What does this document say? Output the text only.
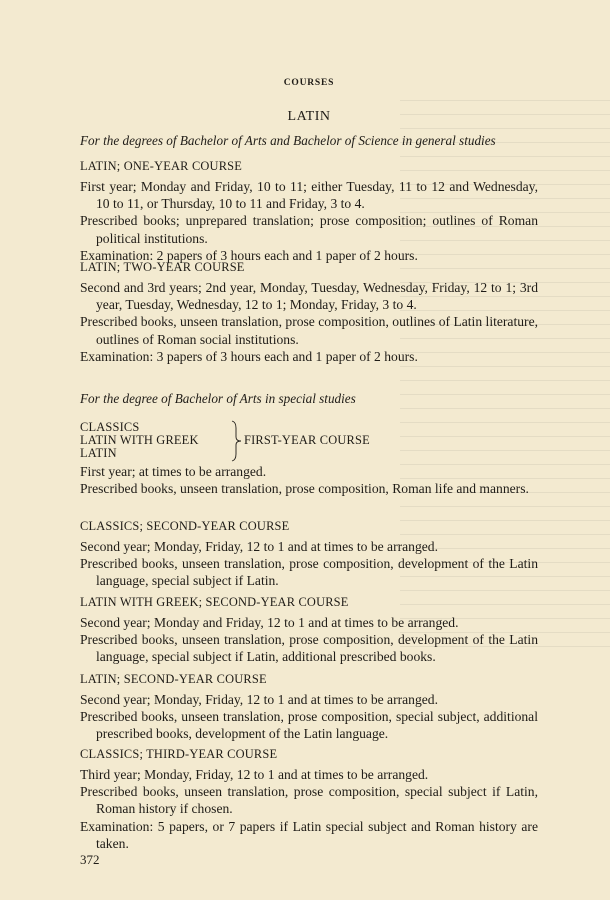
COURSES
LATIN
For the degrees of Bachelor of Arts and Bachelor of Science in general studies
LATIN; ONE-YEAR COURSE

First year; Monday and Friday, 10 to 11; either Tuesday, 11 to 12 and Wednesday, 10 to 11, or Thursday, 10 to 11 and Friday, 3 to 4.

Prescribed books; unprepared translation; prose composition; outlines of Roman political institutions.

Examination: 2 papers of 3 hours each and 1 paper of 2 hours.

LATIN; TWO-YEAR COURSE

Second and 3rd years; 2nd year, Monday, Tuesday, Wednesday, Friday, 12 to 1; 3rd year, Tuesday, Wednesday, 12 to 1; Monday, Friday, 3 to 4.

Prescribed books, unseen translation, prose composition, outlines of Latin literature, outlines of Roman social institutions.

Examination: 3 papers of 3 hours each and 1 paper of 2 hours.

For the degree of Bachelor of Arts in special studies
CLASSICS
LATIN WITH GREEK
LATIN
FIRST-YEAR COURSE

First year; at times to be arranged.

Prescribed books, unseen translation, prose composition, Roman life and manners.

CLASSICS; SECOND-YEAR COURSE

Second year; Monday, Friday, 12 to 1 and at times to be arranged.

Prescribed books, unseen translation, prose composition, development of the Latin language, special subject if Latin.

LATIN WITH GREEK; SECOND-YEAR COURSE

Second year; Monday and Friday, 12 to 1 and at times to be arranged.

Prescribed books, unseen translation, prose composition, development of the Latin language, special subject if Latin, additional prescribed books.

LATIN; SECOND-YEAR COURSE

Second year; Monday, Friday, 12 to 1 and at times to be arranged.

Prescribed books, unseen translation, prose composition, special subject, additional prescribed books, development of the Latin language.

CLASSICS; THIRD-YEAR COURSE

Third year; Monday, Friday, 12 to 1 and at times to be arranged.

Prescribed books, unseen translation, prose composition, special subject if Latin, Roman history if chosen.

Examination: 5 papers, or 7 papers if Latin special subject and Roman history are taken.

372
